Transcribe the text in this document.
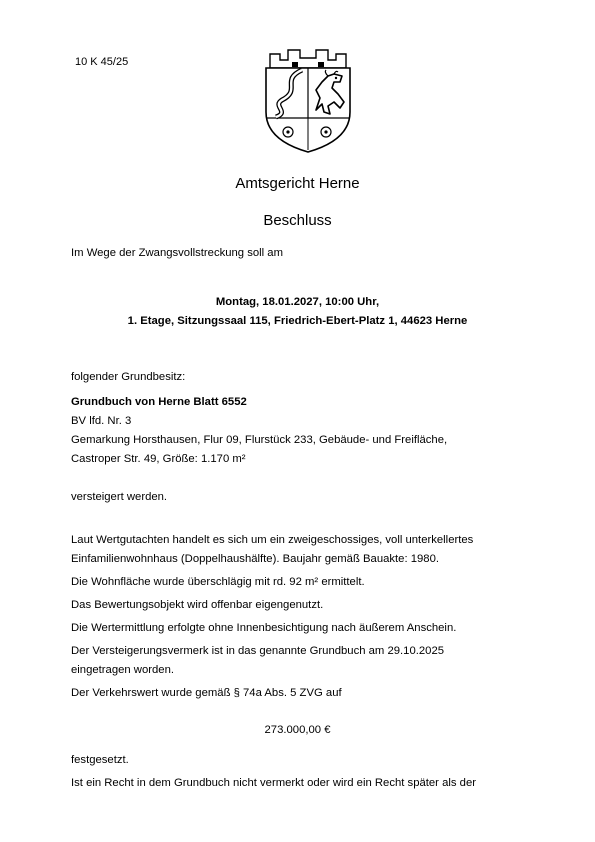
10 K 45/25
Amtsgericht Herne
Beschluss
Im Wege der Zwangsvollstreckung soll am
Montag, 18.01.2027, 10:00 Uhr,
1. Etage, Sitzungssaal 115, Friedrich-Ebert-Platz 1, 44623 Herne
folgender Grundbesitz:
Grundbuch von Herne Blatt 6552
BV lfd. Nr. 3
Gemarkung Horsthausen, Flur 09, Flurstück 233, Gebäude- und Freifläche,
Castroper Str. 49, Größe: 1.170 m²
versteigert werden.
Laut Wertgutachten handelt es sich um ein zweigeschossiges, voll unterkellertes Einfamilienwohnhaus (Doppelhaushälfte). Baujahr gemäß Bauakte: 1980.
Die Wohnfläche wurde überschlägig mit rd. 92 m² ermittelt.
Das Bewertungsobjekt wird offenbar eigengenutzt.
Die Wertermittlung erfolgte ohne Innenbesichtigung nach äußerem Anschein.
Der Versteigerungsvermerk ist in das genannte Grundbuch am 29.10.2025 eingetragen worden.
Der Verkehrswert wurde gemäß § 74a Abs. 5 ZVG auf
273.000,00 €
festgesetzt.
Ist ein Recht in dem Grundbuch nicht vermerkt oder wird ein Recht später als der
